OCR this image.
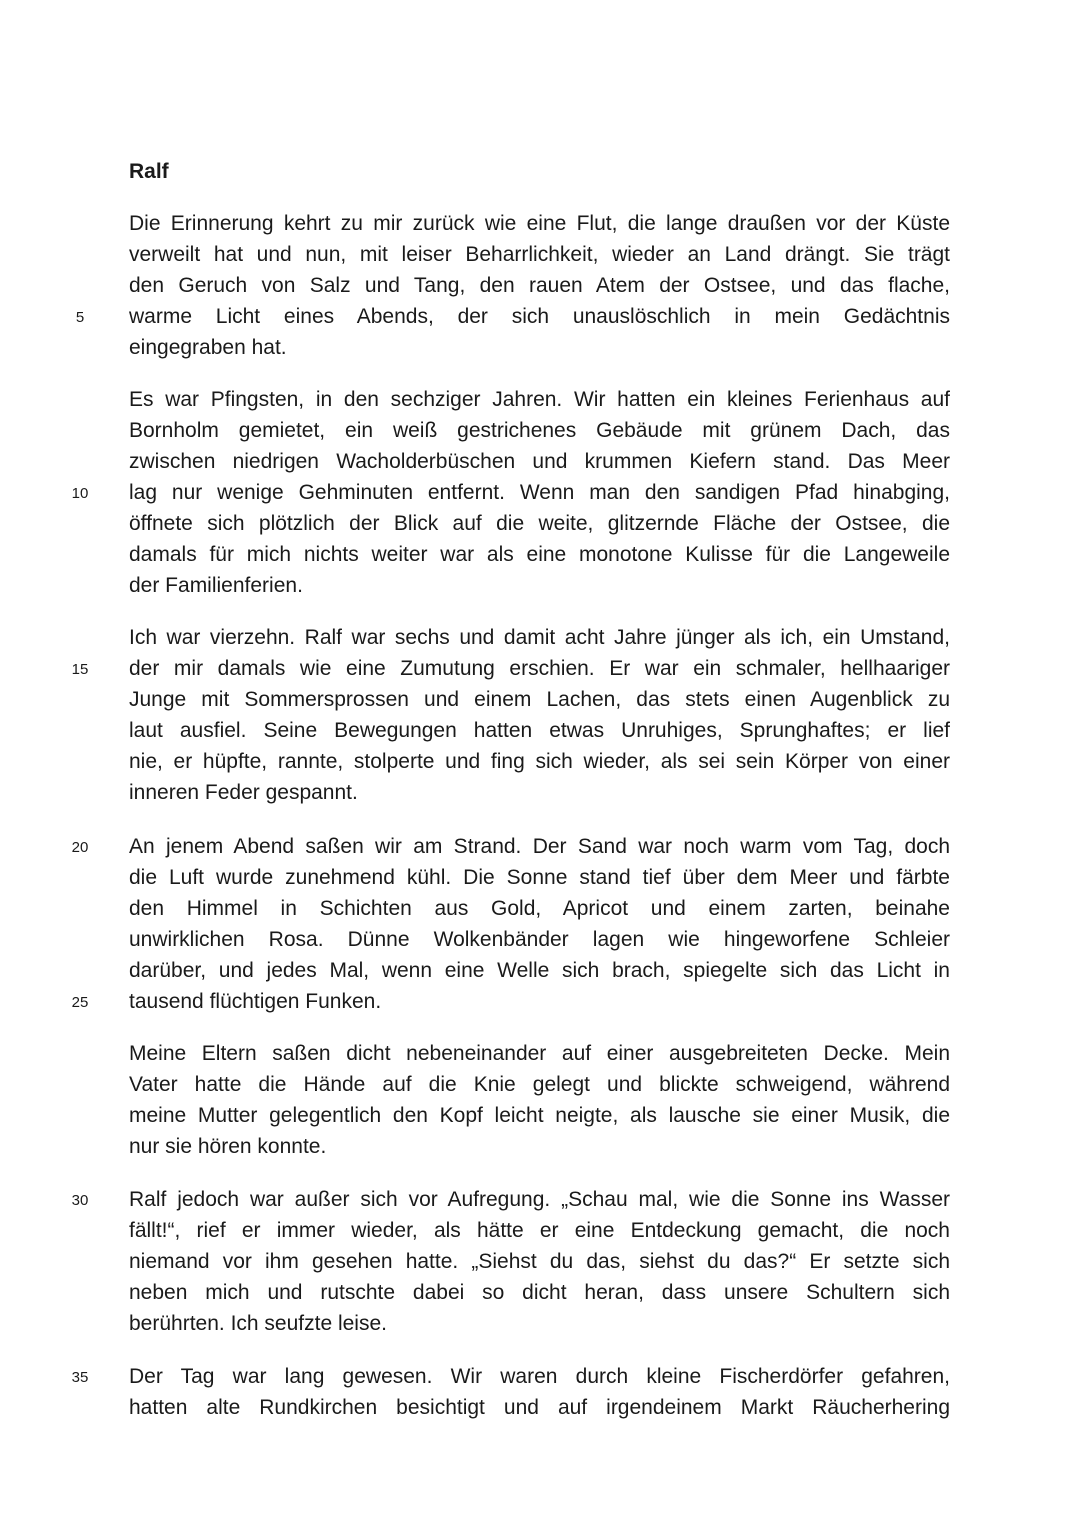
Ralf
Die Erinnerung kehrt zu mir zurück wie eine Flut, die lange draußen vor der Küste
verweilt hat und nun, mit leiser Beharrlichkeit, wieder an Land drängt. Sie trägt
den Geruch von Salz und Tang, den rauen Atem der Ostsee, und das flache,
warme Licht eines Abends, der sich unauslöschlich in mein Gedächtnis
eingegraben hat.
Es war Pfingsten, in den sechziger Jahren. Wir hatten ein kleines Ferienhaus auf
Bornholm gemietet, ein weiß gestrichenes Gebäude mit grünem Dach, das
zwischen niedrigen Wacholderbüschen und krummen Kiefern stand. Das Meer
lag nur wenige Gehminuten entfernt. Wenn man den sandigen Pfad hinabging,
öffnete sich plötzlich der Blick auf die weite, glitzernde Fläche der Ostsee, die
damals für mich nichts weiter war als eine monotone Kulisse für die Langeweile
der Familienferien.
Ich war vierzehn. Ralf war sechs und damit acht Jahre jünger als ich, ein Umstand,
der mir damals wie eine Zumutung erschien. Er war ein schmaler, hellhaariger
Junge mit Sommersprossen und einem Lachen, das stets einen Augenblick zu
laut ausfiel. Seine Bewegungen hatten etwas Unruhiges, Sprunghaftes; er lief
nie, er hüpfte, rannte, stolperte und fing sich wieder, als sei sein Körper von einer
inneren Feder gespannt.
An jenem Abend saßen wir am Strand. Der Sand war noch warm vom Tag, doch
die Luft wurde zunehmend kühl. Die Sonne stand tief über dem Meer und färbte
den Himmel in Schichten aus Gold, Apricot und einem zarten, beinahe
unwirklichen Rosa. Dünne Wolkenbänder lagen wie hingeworfene Schleier
darüber, und jedes Mal, wenn eine Welle sich brach, spiegelte sich das Licht in
tausend flüchtigen Funken.
Meine Eltern saßen dicht nebeneinander auf einer ausgebreiteten Decke. Mein
Vater hatte die Hände auf die Knie gelegt und blickte schweigend, während
meine Mutter gelegentlich den Kopf leicht neigte, als lausche sie einer Musik, die
nur sie hören konnte.
Ralf jedoch war außer sich vor Aufregung. „Schau mal, wie die Sonne ins Wasser
fällt!“, rief er immer wieder, als hätte er eine Entdeckung gemacht, die noch
niemand vor ihm gesehen hatte. „Siehst du das, siehst du das?“ Er setzte sich
neben mich und rutschte dabei so dicht heran, dass unsere Schultern sich
berührten. Ich seufzte leise.
Der Tag war lang gewesen. Wir waren durch kleine Fischerdörfer gefahren,
hatten alte Rundkirchen besichtigt und auf irgendeinem Markt Räucherhering
5
10
15
20
25
30
35
